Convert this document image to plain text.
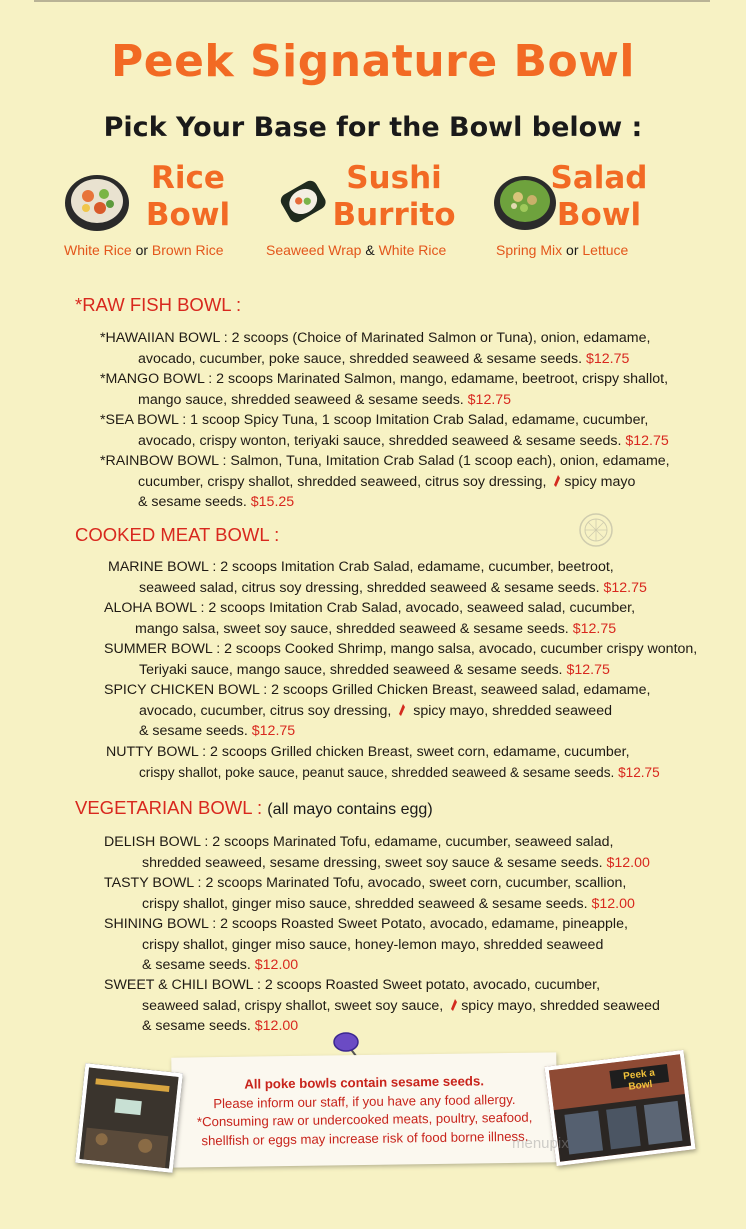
Peek Signature Bowl
Pick Your Base for the Bowl below :
Rice
Bowl
White Rice or Brown Rice
Sushi
Burrito
Seaweed Wrap & White Rice
Salad
Bowl
Spring Mix or Lettuce
*RAW FISH BOWL :
*HAWAIIAN BOWL : 2 scoops (Choice of Marinated Salmon or Tuna), onion, edamame,
avocado, cucumber, poke sauce, shredded seaweed & sesame seeds. $12.75
*MANGO BOWL : 2 scoops Marinated Salmon, mango, edamame, beetroot, crispy shallot,
mango sauce, shredded seaweed & sesame seeds. $12.75
*SEA BOWL : 1 scoop Spicy Tuna, 1 scoop Imitation Crab Salad, edamame, cucumber,
avocado, crispy wonton, teriyaki sauce, shredded seaweed & sesame seeds. $12.75
*RAINBOW BOWL : Salmon, Tuna, Imitation Crab Salad (1 scoop each), onion, edamame,
cucumber, crispy shallot, shredded seaweed, citrus soy dressing, spicy mayo
& sesame seeds. $15.25
COOKED MEAT BOWL :
MARINE BOWL : 2 scoops Imitation Crab Salad, edamame, cucumber, beetroot,
seaweed salad, citrus soy dressing, shredded seaweed & sesame seeds. $12.75
ALOHA BOWL : 2 scoops Imitation Crab Salad, avocado, seaweed salad, cucumber,
mango salsa, sweet soy sauce, shredded seaweed & sesame seeds. $12.75
SUMMER BOWL : 2 scoops Cooked Shrimp, mango salsa, avocado, cucumber crispy wonton,
Teriyaki sauce, mango sauce, shredded seaweed & sesame seeds. $12.75
SPICY CHICKEN BOWL : 2 scoops Grilled Chicken Breast, seaweed salad, edamame,
avocado, cucumber, citrus soy dressing,  spicy mayo, shredded seaweed
& sesame seeds. $12.75
NUTTY BOWL : 2 scoops Grilled chicken Breast, sweet corn, edamame, cucumber,
crispy shallot, poke sauce, peanut sauce, shredded seaweed & sesame seeds. $12.75
VEGETARIAN BOWL : (all mayo contains egg)
DELISH BOWL : 2 scoops Marinated Tofu, edamame, cucumber, seaweed salad,
shredded seaweed, sesame dressing, sweet soy sauce & sesame seeds. $12.00
TASTY BOWL : 2 scoops Marinated Tofu, avocado, sweet corn, cucumber, scallion,
crispy shallot, ginger miso sauce, shredded seaweed & sesame seeds. $12.00
SHINING BOWL : 2 scoops Roasted Sweet Potato, avocado, edamame, pineapple,
crispy shallot, ginger miso sauce, honey-lemon mayo, shredded seaweed
& sesame seeds. $12.00
SWEET & CHILI BOWL : 2 scoops Roasted Sweet potato, avocado, cucumber,
seaweed salad, crispy shallot, sweet soy sauce, spicy mayo, shredded seaweed
& sesame seeds. $12.00
All poke bowls contain sesame seeds.
Please inform our staff, if you have any food allergy.
*Consuming raw or undercooked meats, poultry, seafood,
shellfish or eggs may increase risk of food borne illness.
Peek a Bowl
menupix
